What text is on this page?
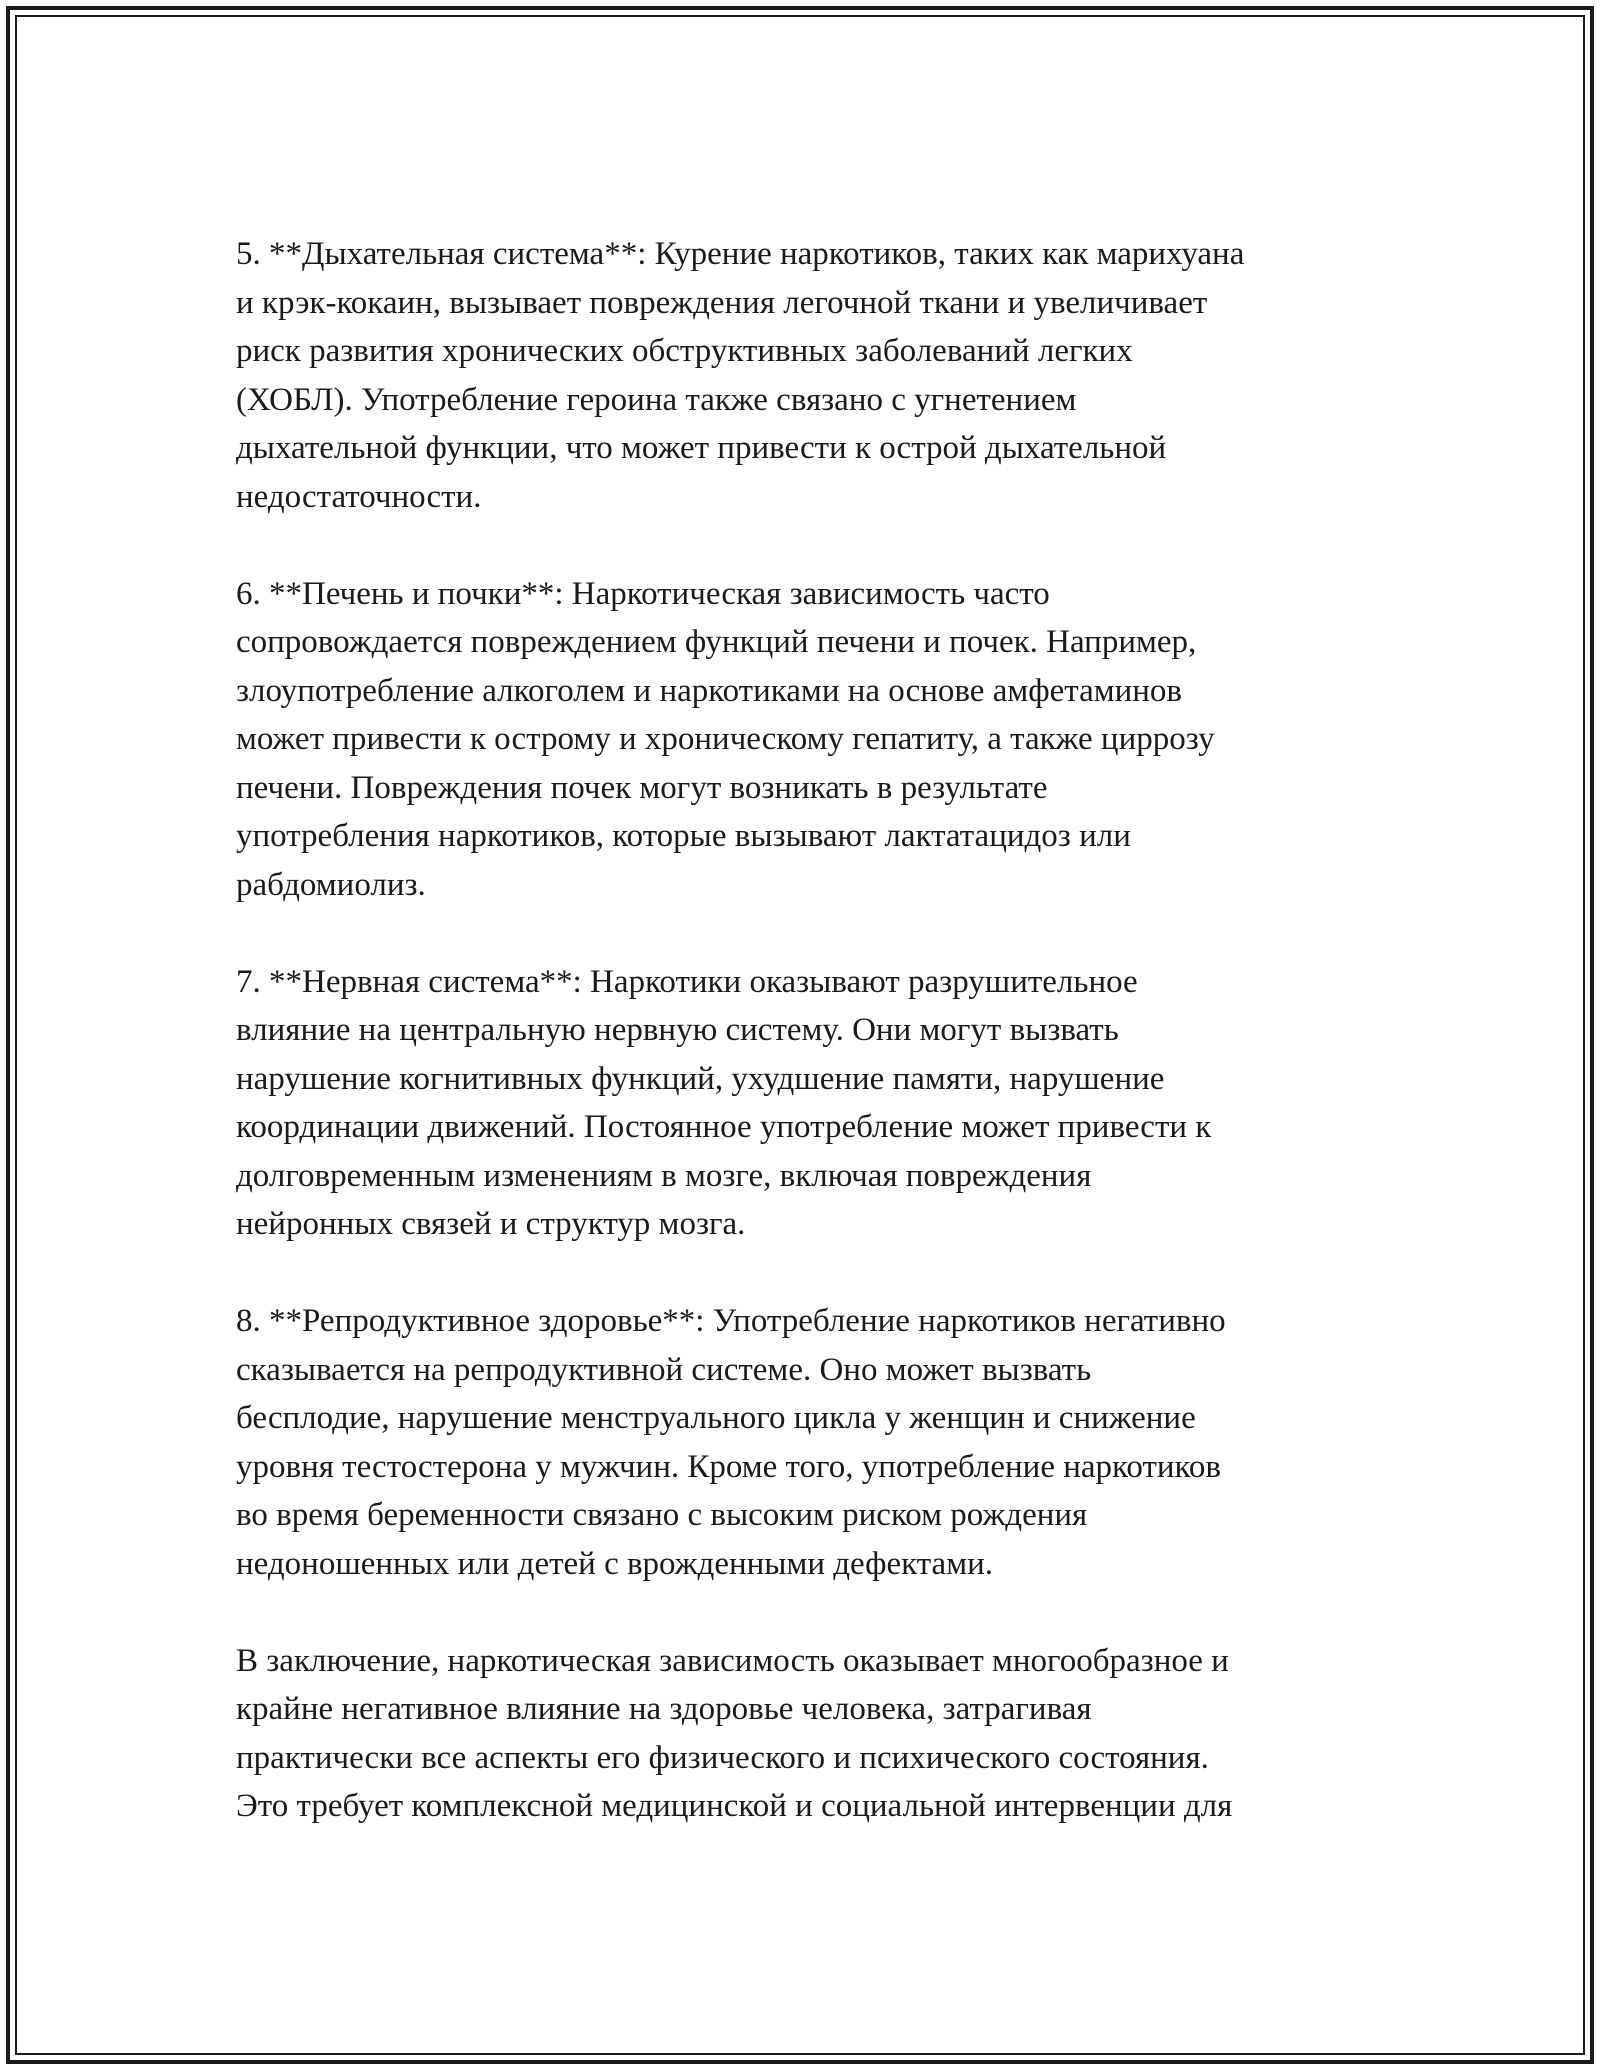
5. **Дыхательная система**: Курение наркотиков, таких как марихуана
и крэк-кокаин, вызывает повреждения легочной ткани и увеличивает
риск развития хронических обструктивных заболеваний легких
(ХОБЛ). Употребление героина также связано с угнетением
дыхательной функции, что может привести к острой дыхательной
недостаточности.
6. **Печень и почки**: Наркотическая зависимость часто
сопровождается повреждением функций печени и почек. Например,
злоупотребление алкоголем и наркотиками на основе амфетаминов
может привести к острому и хроническому гепатиту, а также циррозу
печени. Повреждения почек могут возникать в результате
употребления наркотиков, которые вызывают лактатацидоз или
рабдомиолиз.
7. **Нервная система**: Наркотики оказывают разрушительное
влияние на центральную нервную систему. Они могут вызвать
нарушение когнитивных функций, ухудшение памяти, нарушение
координации движений. Постоянное употребление может привести к
долговременным изменениям в мозге, включая повреждения
нейронных связей и структур мозга.
8. **Репродуктивное здоровье**: Употребление наркотиков негативно
сказывается на репродуктивной системе. Оно может вызвать
бесплодие, нарушение менструального цикла у женщин и снижение
уровня тестостерона у мужчин. Кроме того, употребление наркотиков
во время беременности связано с высоким риском рождения
недоношенных или детей с врожденными дефектами.
В заключение, наркотическая зависимость оказывает многообразное и
крайне негативное влияние на здоровье человека, затрагивая
практически все аспекты его физического и психического состояния.
Это требует комплексной медицинской и социальной интервенции для
